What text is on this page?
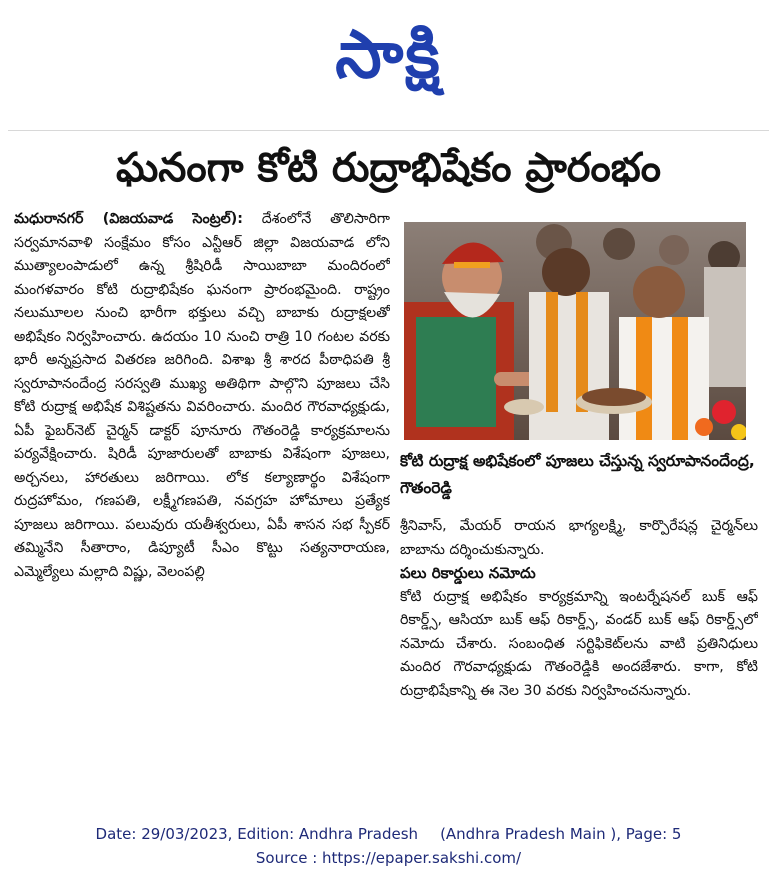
సాక్షి
ఘనంగా కోటి రుద్రాభిషేకం ప్రారంభం
మధురానగర్ (విజయవాడ సెంట్రల్): దేశంలోనే తొలిసారిగా సర్వమానవాళి సంక్షేమం కోసం ఎన్టీఆర్ జిల్లా విజయవాడ లోని ముత్యాలంపాడులో ఉన్న శ్రీషిరిడీ సాయిబాబా మందిరంలో మంగళవారం కోటి రుద్రాభిషేకం ఘనంగా ప్రారంభమైంది. రాష్ట్రం నలుమూలల నుంచి భారీగా భక్తులు వచ్చి బాబాకు రుద్రాక్షలతో అభిషేకం నిర్వహించారు. ఉదయం 10 నుంచి రాత్రి 10 గంటల వరకు భారీ అన్నప్రసాద వితరణ జరిగింది. విశాఖ శ్రీ శారద పీఠాధిపతి శ్రీ స్వరూపానందేంద్ర సరస్వతి ముఖ్య అతిథిగా పాల్గొని పూజలు చేసి కోటి రుద్రాక్ష అభిషేక విశిష్టతను వివరించారు. మందిర గౌరవాధ్యక్షుడు, ఏపీ ఫైబర్‌నెట్ చైర్మన్ డాక్టర్ పూనూరు గౌతంరెడ్డి కార్యక్రమాలను పర్యవేక్షించారు. షిరిడీ పూజారులతో బాబాకు విశేషంగా పూజలు, అర్చనలు, హారతులు జరిగాయి. లోక కల్యాణార్థం విశేషంగా రుద్రహోమం, గణపతి, లక్ష్మీగణపతి, నవగ్రహ హోమాలు ప్రత్యేక పూజలు జరిగాయి. పలువురు యతీశ్వరులు, ఏపీ శాసన సభ స్పీకర్ తమ్మినేని సీతారాం, డిప్యూటీ సీఎం కొట్టు సత్యనారాయణ, ఎమ్మెల్యేలు మల్లాది విష్ణు, వెలంపల్లి
కోటి రుద్రాక్ష అభిషేకంలో పూజలు చేస్తున్న స్వరూపానందేంద్ర, గౌతంరెడ్డి
శ్రీనివాస్, మేయర్ రాయన భాగ్యలక్ష్మి, కార్పొరేషన్ల చైర్మన్‌లు బాబాను దర్శించుకున్నారు.
పలు రికార్డులు నమోదు
కోటి రుద్రాక్ష అభిషేకం కార్యక్రమాన్ని ఇంటర్నేషనల్ బుక్ ఆఫ్ రికార్డ్స్, ఆసియా బుక్ ఆఫ్ రికార్డ్స్, వండర్ బుక్ ఆఫ్ రికార్డ్స్‌లో నమోదు చేశారు. సంబంధిత సర్టిఫికెట్‌లను వాటి ప్రతినిధులు మందిర గౌరవాధ్యక్షుడు గౌతంరెడ్డికి అందజేశారు. కాగా, కోటి రుద్రాభిషేకాన్ని ఈ నెల 30 వరకు నిర్వహించనున్నారు.
Date: 29/03/2023, Edition: Andhra Pradesh (Andhra Pradesh Main ), Page: 5
Source : https://epaper.sakshi.com/
